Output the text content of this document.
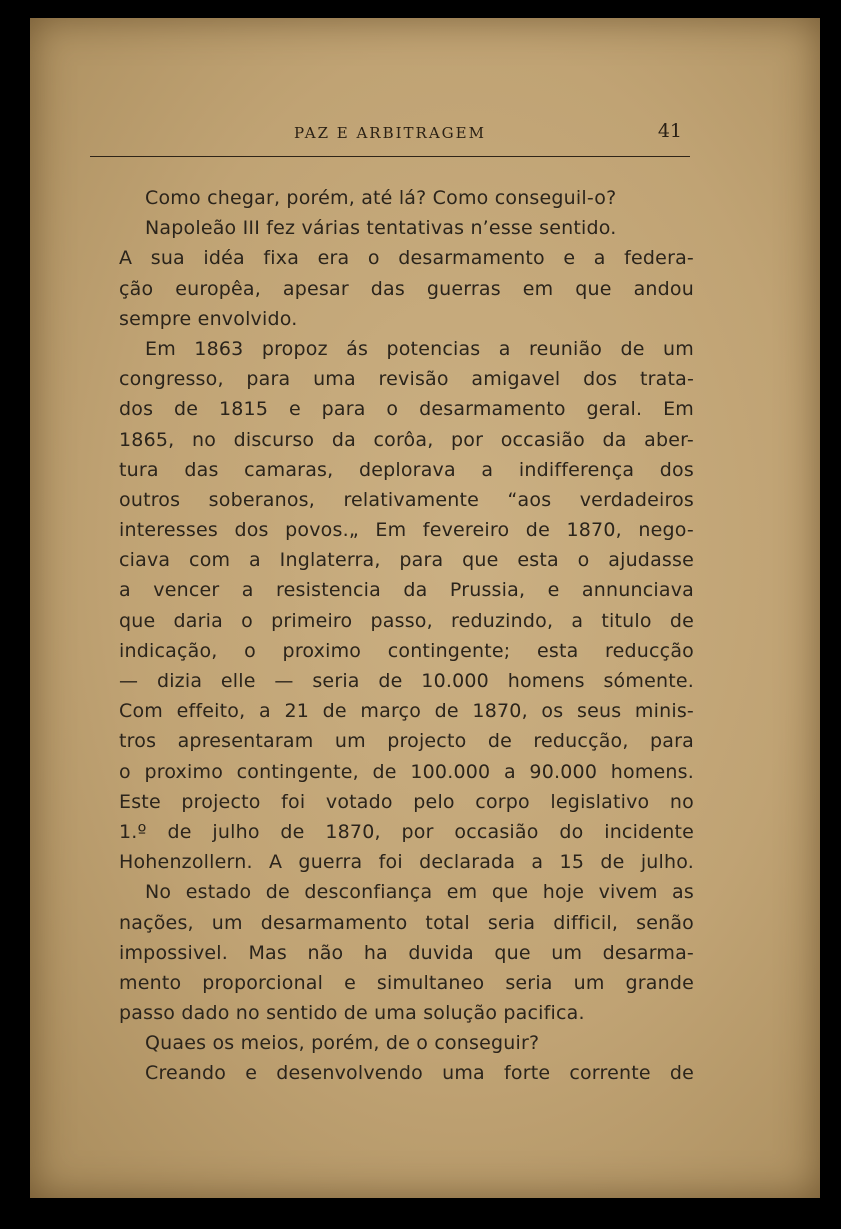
PAZ E ARBITRAGEM	41
Como chegar, porém, até lá? Como conseguil-o?
Napoleão III fez várias tentativas n’esse sentido.
A sua idéa fixa era o desarmamento e a federa-
ção europêa, apesar das guerras em que andou
sempre envolvido.
Em 1863 propoz ás potencias a reunião de um
congresso, para uma revisão amigavel dos trata-
dos de 1815 e para o desarmamento geral. Em
1865, no discurso da corôa, por occasião da aber-
tura das camaras, deplorava a indifferença dos
outros soberanos, relativamente “aos verdadeiros
interesses dos povos.„ Em fevereiro de 1870, nego-
ciava com a Inglaterra, para que esta o ajudasse
a vencer a resistencia da Prussia, e annunciava
que daria o primeiro passo, reduzindo, a titulo de
indicação, o proximo contingente; esta reducção
— dizia elle — seria de 10.000 homens sómente.
Com effeito, a 21 de março de 1870, os seus minis-
tros apresentaram um projecto de reducção, para
o proximo contingente, de 100.000 a 90.000 homens.
Este projecto foi votado pelo corpo legislativo no
1.º de julho de 1870, por occasião do incidente
Hohenzollern. A guerra foi declarada a 15 de julho.
No estado de desconfiança em que hoje vivem as
nações, um desarmamento total seria difficil, senão
impossivel. Mas não ha duvida que um desarma-
mento proporcional e simultaneo seria um grande
passo dado no sentido de uma solução pacifica.
Quaes os meios, porém, de o conseguir?
Creando e desenvolvendo uma forte corrente de
